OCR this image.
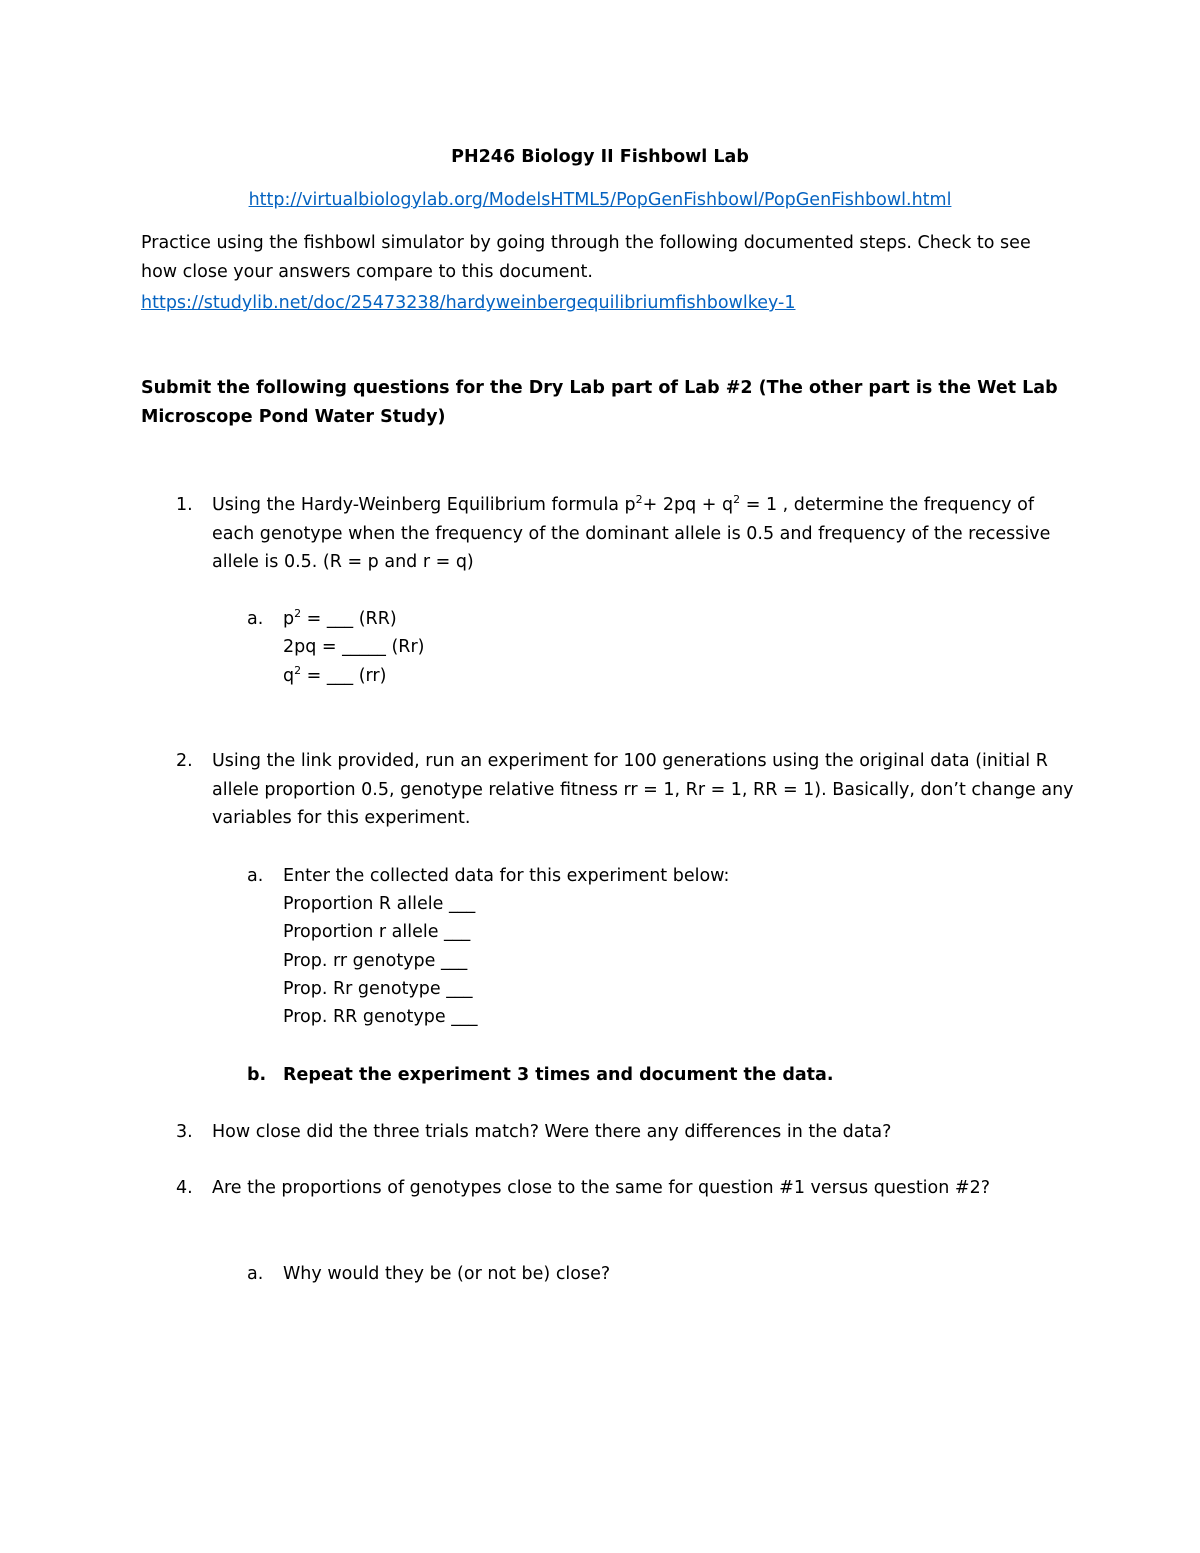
PH246 Biology II Fishbowl Lab
http://virtualbiologylab.org/ModelsHTML5/PopGenFishbowl/PopGenFishbowl.html
Practice using the fishbowl simulator by going through the following documented steps. Check to see
how close your answers compare to this document.
https://studylib.net/doc/25473238/hardyweinbergequilibriumfishbowlkey-1
Submit the following questions for the Dry Lab part of Lab #2 (The other part is the Wet Lab
Microscope Pond Water Study)
1. Using the Hardy-Weinberg Equilibrium formula $p^2+ 2pq + q^2 = 1$ , determine the frequency of
each genotype when the frequency of the dominant allele is 0.5 and frequency of the recessive
allele is 0.5. (R = p and r = q)
a. $p^2$ = ___ (RR)
2pq = _____ (Rr)
$q^2$ = ___ (rr)
2. Using the link provided, run an experiment for 100 generations using the original data (initial R
allele proportion 0.5, genotype relative fitness rr = 1, Rr = 1, RR = 1). Basically, don’t change any
variables for this experiment.
a. Enter the collected data for this experiment below:
Proportion R allele ___
Proportion r allele ___
Prop. rr genotype ___
Prop. Rr genotype ___
Prop. RR genotype ___
b. Repeat the experiment 3 times and document the data.
3. How close did the three trials match? Were there any differences in the data?
4. Are the proportions of genotypes close to the same for question #1 versus question #2?
a. Why would they be (or not be) close?
